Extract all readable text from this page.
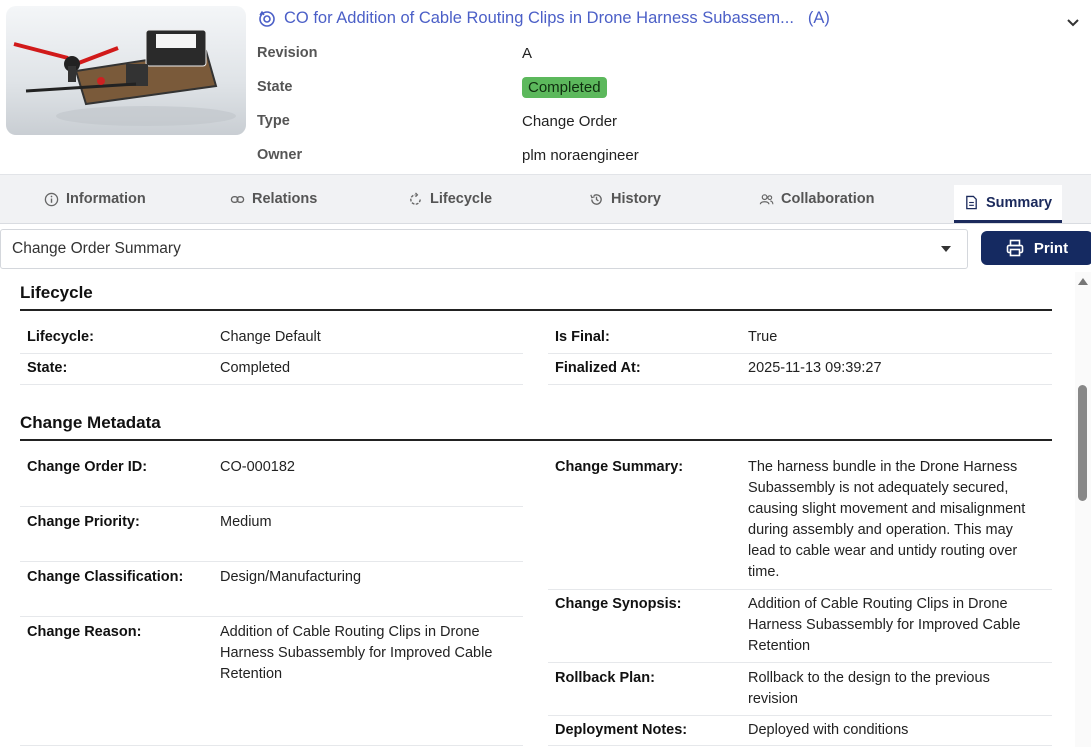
CO for Addition of Cable Routing Clips in Drone Harness Subassem... (A)
Revision	A
State	Completed
Type	Change Order
Owner	plm noraengineer
Information	Relations	Lifecycle	History	Collaboration	Summary
Change Order Summary	Print
Lifecycle
Lifecycle:	Change Default
State:	Completed
Is Final:	True
Finalized At:	2025-11-13 09:39:27
Change Metadata
Change Order ID:	CO-000182
Change Priority:	Medium
Change Classification:	Design/Manufacturing
Change Reason:	Addition of Cable Routing Clips in Drone Harness Subassembly for Improved Cable Retention
Change Summary:	The harness bundle in the Drone Harness Subassembly is not adequately secured, causing slight movement and misalignment during assembly and operation. This may lead to cable wear and untidy routing over time.
Change Synopsis:	Addition of Cable Routing Clips in Drone Harness Subassembly for Improved Cable Retention
Rollback Plan:	Rollback to the design to the previous revision
Deployment Notes:	Deployed with conditions
